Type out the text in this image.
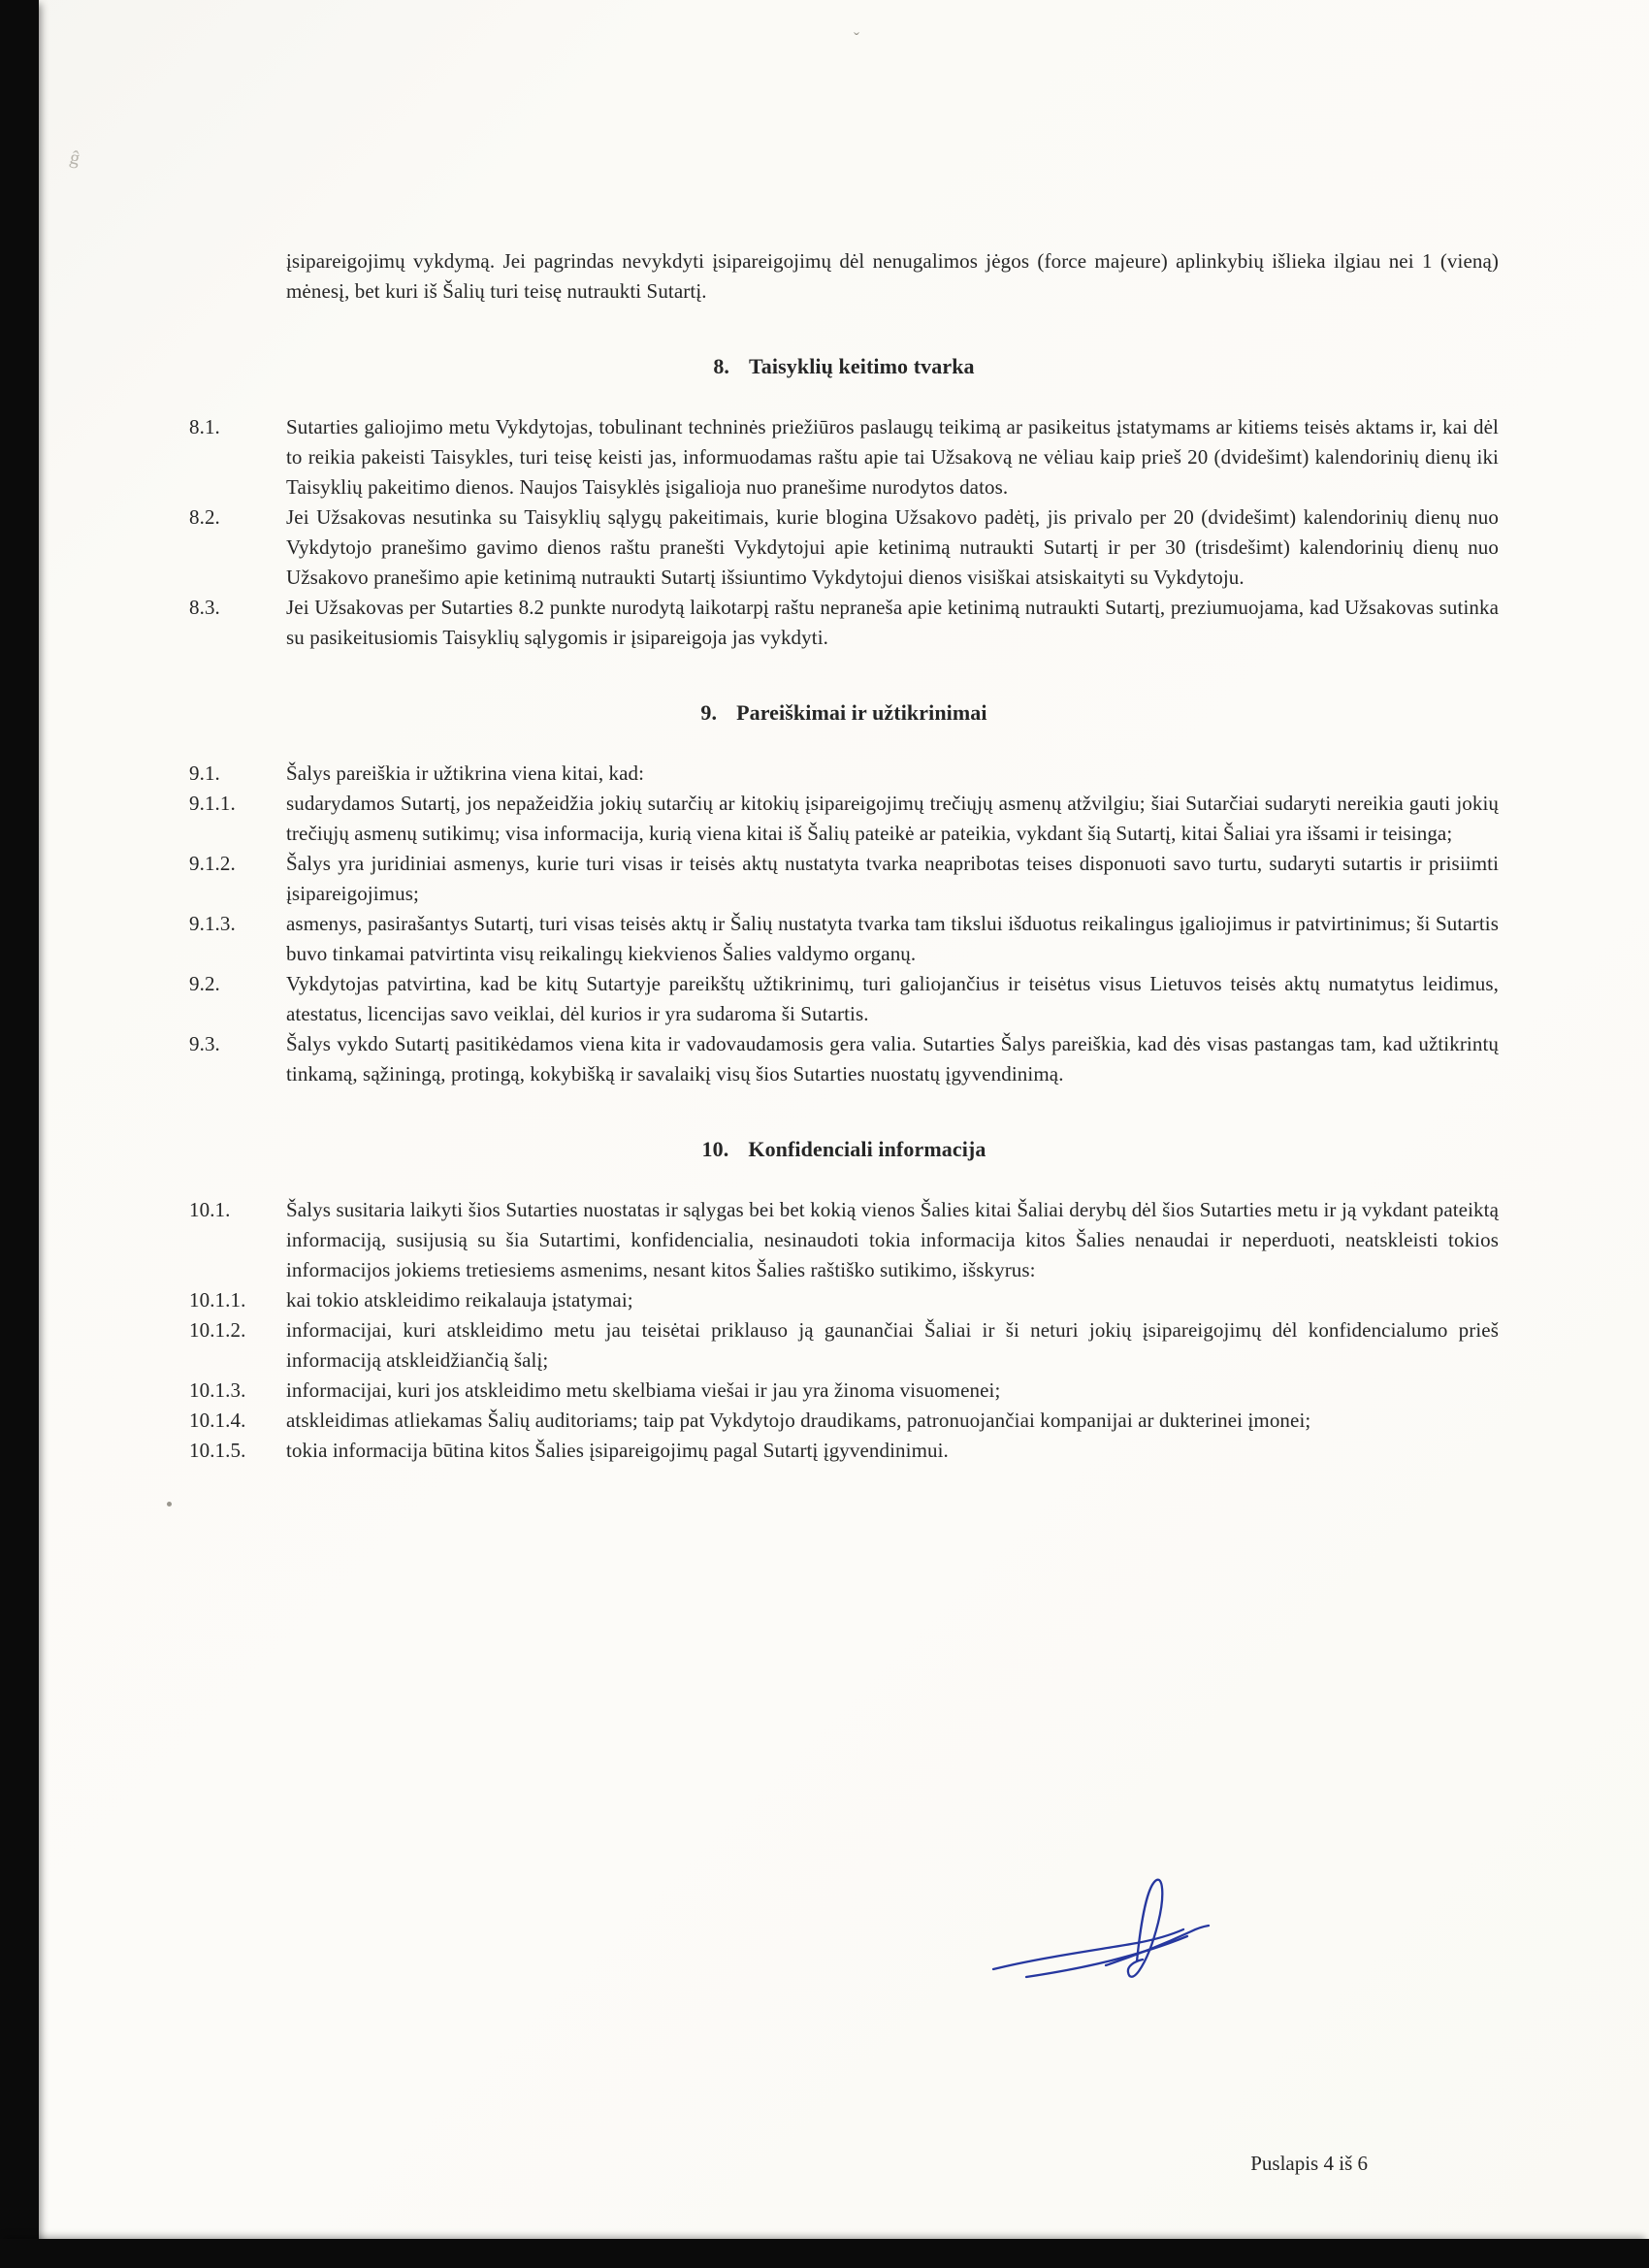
ĝ
ˇ

įsipareigojimų vykdymą. Jei pagrindas nevykdyti įsipareigojimų dėl nenugalimos jėgos (force majeure) aplinkybių išlieka ilgiau nei 1 (vieną) mėnesį, bet kuri iš Šalių turi teisę nutraukti Sutartį.

8. Taisyklių keitimo tvarka
8.1.	Sutarties galiojimo metu Vykdytojas, tobulinant techninės priežiūros paslaugų teikimą ar pasikeitus įstatymams ar kitiems teisės aktams ir, kai dėl to reikia pakeisti Taisykles, turi teisę keisti jas, informuodamas raštu apie tai Užsakovą ne vėliau kaip prieš 20 (dvidešimt) kalendorinių dienų iki Taisyklių pakeitimo dienos. Naujos Taisyklės įsigalioja nuo pranešime nurodytos datos.
8.2.	Jei Užsakovas nesutinka su Taisyklių sąlygų pakeitimais, kurie blogina Užsakovo padėtį, jis privalo per 20 (dvidešimt) kalendorinių dienų nuo Vykdytojo pranešimo gavimo dienos raštu pranešti Vykdytojui apie ketinimą nutraukti Sutartį ir per 30 (trisdešimt) kalendorinių dienų nuo Užsakovo pranešimo apie ketinimą nutraukti Sutartį išsiuntimo Vykdytojui dienos visiškai atsiskaityti su Vykdytoju.
8.3.	Jei Užsakovas per Sutarties 8.2 punkte nurodytą laikotarpį raštu nepraneša apie ketinimą nutraukti Sutartį, preziumuojama, kad Užsakovas sutinka su pasikeitusiomis Taisyklių sąlygomis ir įsipareigoja jas vykdyti.
9. Pareiškimai ir užtikrinimai
9.1.	Šalys pareiškia ir užtikrina viena kitai, kad:
9.1.1.	sudarydamos Sutartį, jos nepažeidžia jokių sutarčių ar kitokių įsipareigojimų trečiųjų asmenų atžvilgiu; šiai Sutarčiai sudaryti nereikia gauti jokių trečiųjų asmenų sutikimų; visa informacija, kurią viena kitai iš Šalių pateikė ar pateikia, vykdant šią Sutartį, kitai Šaliai yra išsami ir teisinga;
9.1.2.	Šalys yra juridiniai asmenys, kurie turi visas ir teisės aktų nustatyta tvarka neapribotas teises disponuoti savo turtu, sudaryti sutartis ir prisiimti įsipareigojimus;
9.1.3.	asmenys, pasirašantys Sutartį, turi visas teisės aktų ir Šalių nustatyta tvarka tam tikslui išduotus reikalingus įgaliojimus ir patvirtinimus; ši Sutartis buvo tinkamai patvirtinta visų reikalingų kiekvienos Šalies valdymo organų.
9.2.	Vykdytojas patvirtina, kad be kitų Sutartyje pareikštų užtikrinimų, turi galiojančius ir teisėtus visus Lietuvos teisės aktų numatytus leidimus, atestatus, licencijas savo veiklai, dėl kurios ir yra sudaroma ši Sutartis.
9.3.	Šalys vykdo Sutartį pasitikėdamos viena kita ir vadovaudamosis gera valia. Sutarties Šalys pareiškia, kad dės visas pastangas tam, kad užtikrintų tinkamą, sąžiningą, protingą, kokybišką ir savalaikį visų šios Sutarties nuostatų įgyvendinimą.
10. Konfidenciali informacija
10.1.	Šalys susitaria laikyti šios Sutarties nuostatas ir sąlygas bei bet kokią vienos Šalies kitai Šaliai derybų dėl šios Sutarties metu ir ją vykdant pateiktą informaciją, susijusią su šia Sutartimi, konfidencialia, nesinaudoti tokia informacija kitos Šalies nenaudai ir neperduoti, neatskleisti tokios informacijos jokiems tretiesiems asmenims, nesant kitos Šalies raštiško sutikimo, išskyrus:
10.1.1.	kai tokio atskleidimo reikalauja įstatymai;
10.1.2.	informacijai, kuri atskleidimo metu jau teisėtai priklauso ją gaunančiai Šaliai ir ši neturi jokių įsipareigojimų dėl konfidencialumo prieš informaciją atskleidžiančią šalį;
10.1.3.	informacijai, kuri jos atskleidimo metu skelbiama viešai ir jau yra žinoma visuomenei;
10.1.4.	atskleidimas atliekamas Šalių auditoriams; taip pat Vykdytojo draudikams, patronuojančiai kompanijai ar dukterinei įmonei;
10.1.5.	tokia informacija būtina kitos Šalies įsipareigojimų pagal Sutartį įgyvendinimui.
Puslapis 4 iš 6
